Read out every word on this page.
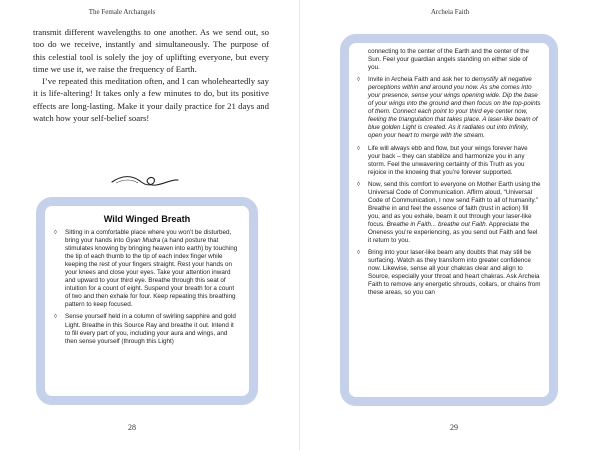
The Female Archangels

transmit different wavelengths to one another. As we send out, so too do we receive, instantly and simultaneously. The purpose of this celestial tool is solely the joy of uplifting everyone, but every time we use it, we raise the frequency of Earth.

I’ve repeated this meditation often, and I can wholeheartedly say it is life-altering! It takes only a few minutes to do, but its positive effects are long-lasting. Make it your daily practice for 21 days and watch how your self-belief soars!

Wild Winged Breath
◊	Sitting in a comfortable place where you won’t be disturbed, bring your hands into Gyan Mudra (a hand posture that stimulates knowing by bringing heaven into earth) by touching the tip of each thumb to the tip of each index finger while keeping the rest of your fingers straight. Rest your hands on your knees and close your eyes. Take your attention inward and upward to your third eye. Breathe through this seat of intuition for a count of eight. Suspend your breath for a count of two and then exhale for four. Keep repeating this breathing pattern to keep focused.
◊	Sense yourself held in a column of swirling sapphire and gold Light. Breathe in this Source Ray and breathe it out. Intend it to fill every part of you, including your aura and wings, and then sense yourself (through this Light)
28
Archeia Faith
connecting to the center of the Earth and the center of the Sun. Feel your guardian angels standing on either side of you.
◊	Invite in Archeia Faith and ask her to demystify all negative perceptions within and around you now. As she comes into your presence, sense your wings opening wide. Dip the base of your wings into the ground and then focus on the top-points of them. Connect each point to your third eye center now, feeling the triangulation that takes place. A laser-like beam of blue golden Light is created. As it radiates out into Infinity, open your heart to merge with the stream.
◊	Life will always ebb and flow, but your wings forever have your back – they can stabilize and harmonize you in any storm. Feel the unwavering certainty of this Truth as you rejoice in the knowing that you’re forever supported.
◊	Now, send this comfort to everyone on Mother Earth using the Universal Code of Communication. Affirm aloud, “Universal Code of Communication, I now send Faith to all of humanity.” Breathe in and feel the essence of faith (trust in action) fill you, and as you exhale, beam it out through your laser-like focus. Breathe in Faith... breathe out Faith. Appreciate the Oneness you’re experiencing, as you send out Faith and feel it return to you.
◊	Bring into your laser-like beam any doubts that may still be surfacing. Watch as they transform into greater confidence now. Likewise, sense all your chakras clear and align to Source, especially your throat and heart chakras. Ask Archeia Faith to remove any energetic shrouds, collars, or chains from these areas, so you can
29
